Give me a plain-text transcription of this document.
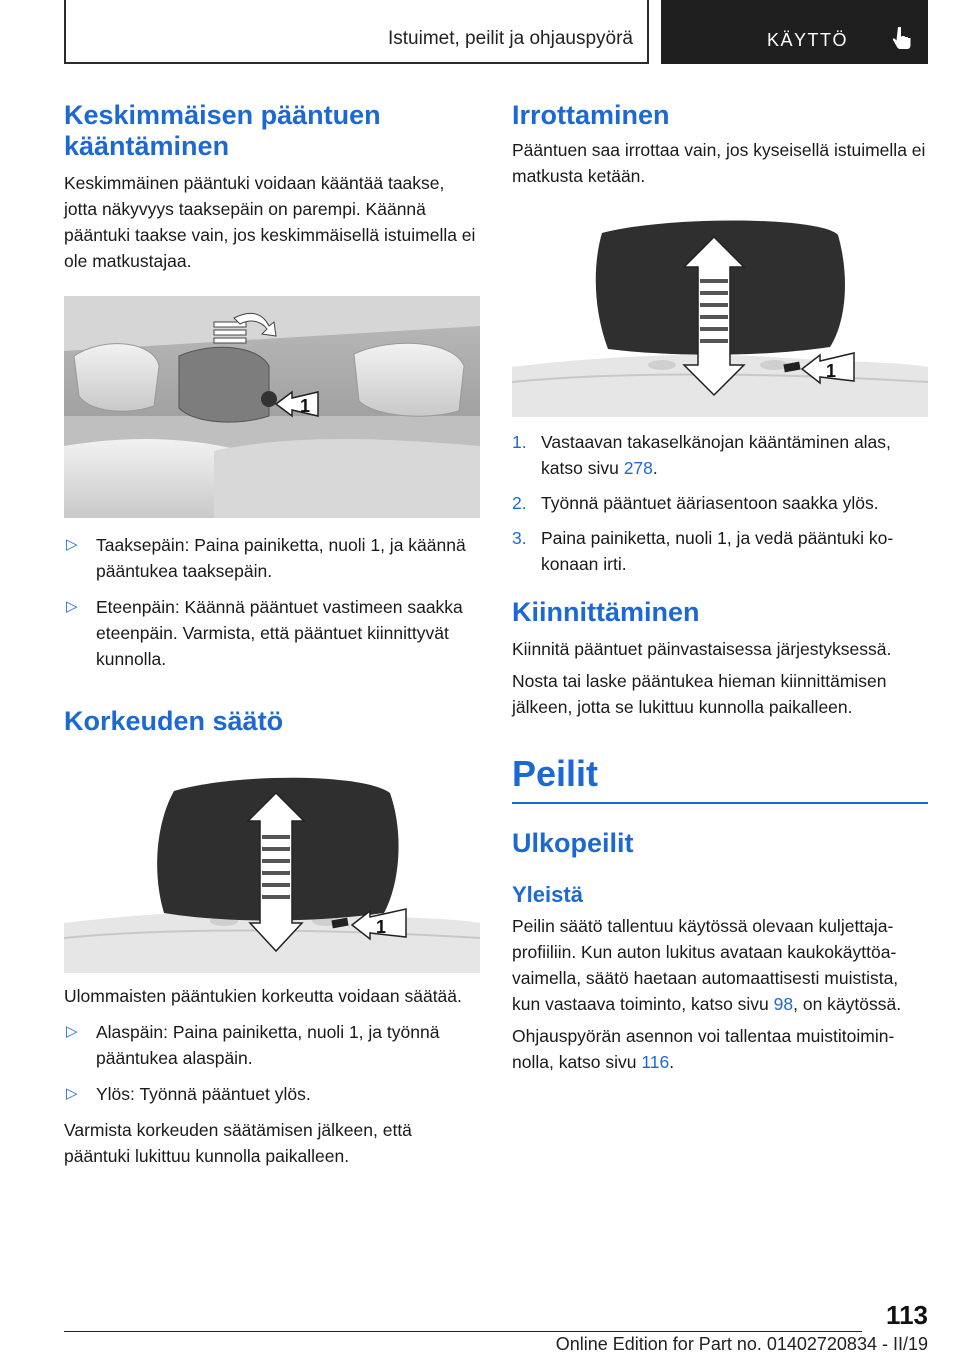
Istuimet, peilit ja ohjauspyörä	KÄYTTÖ
Keskimmäisen pääntuen kääntäminen

Keskimmäinen pääntuki voidaan kääntää taakse, jotta näkyvyys taaksepäin on parempi. Käännä pääntuki taakse vain, jos keskimmäisellä istuimella ei ole matkustajaa.

1
▷ Taaksepäin: Paina painiketta, nuoli 1, ja käännä pääntukea taaksepäin.
▷ Eteenpäin: Käännä pääntuet vastimeen saakka eteenpäin. Varmista, että pääntuet kiinnittyvät kunnolla.
Korkeuden säätö
1

Ulommaisten pääntukien korkeutta voidaan säätää.

▷ Alaspäin: Paina painiketta, nuoli 1, ja työnnä pääntukea alaspäin.
▷ Ylös: Työnnä pääntuet ylös.

Varmista korkeuden säätämisen jälkeen, että pääntuki lukittuu kunnolla paikalleen.

Irrottaminen

Pääntuen saa irrottaa vain, jos kyseisellä istuimella ei matkusta ketään.

1
1. Vastaavan takaselkänojan kääntäminen alas, katso sivu 278.
2. Työnnä pääntuet ääriasentoon saakka ylös.
3. Paina painiketta, nuoli 1, ja vedä pääntuki kokonaan irti.
Kiinnittäminen

Kiinnitä pääntuet päinvastaisessa järjestyksessä.

Nosta tai laske pääntukea hieman kiinnittämisen jälkeen, jotta se lukittuu kunnolla paikalleen.

Peilit
Ulkopeilit
Yleistä

Peilin säätö tallentuu käytössä olevaan kuljettajaprofiiliin. Kun auton lukitus avataan kaukokäyttöavaimella, säätö haetaan automaattisesti muistista, kun vastaava toiminto, katso sivu 98, on käytössä.

Ohjauspyörän asennon voi tallentaa muistitoiminnolla, katso sivu 116.

113
Online Edition for Part no. 01402720834 - II/19
